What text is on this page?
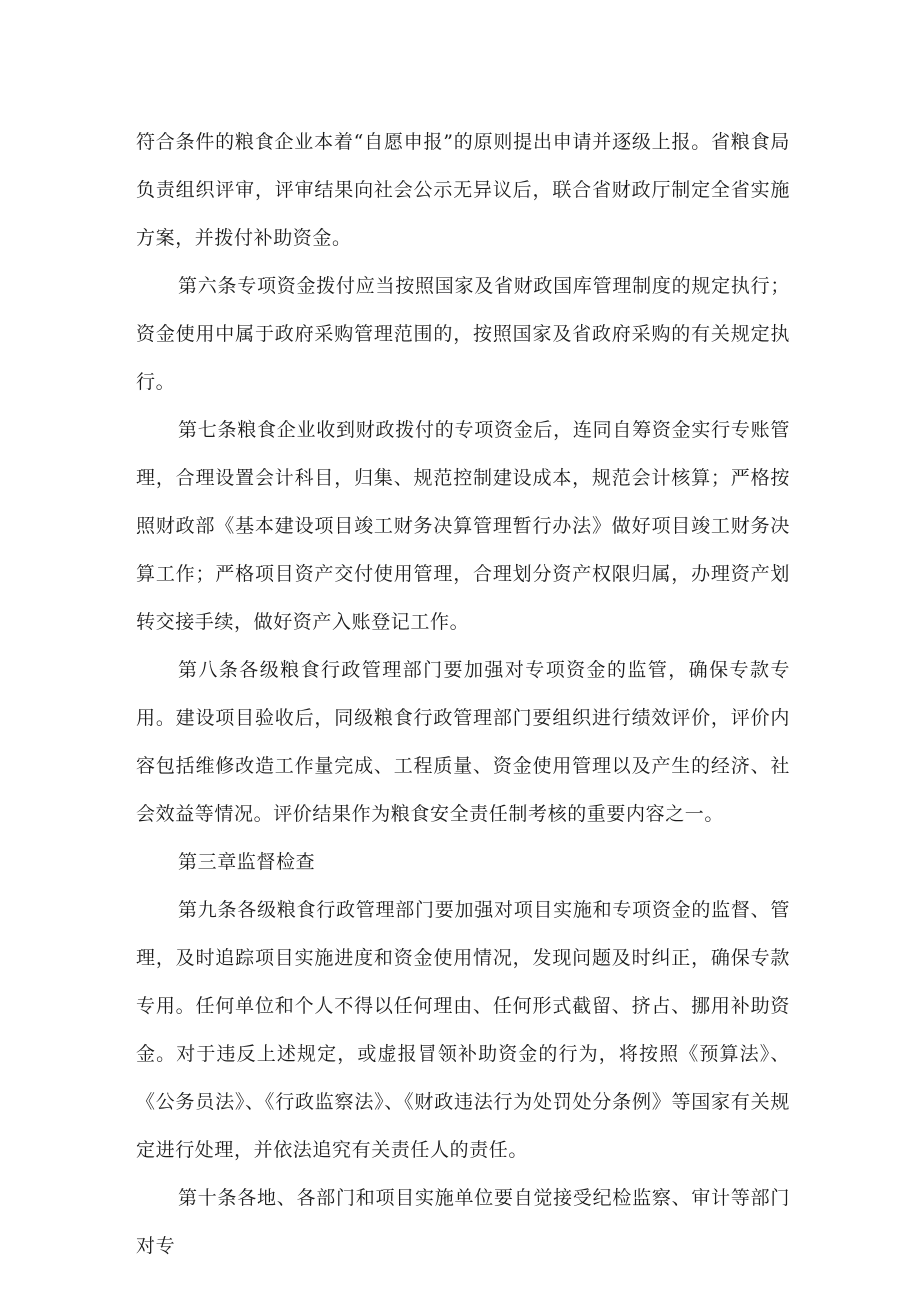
符合条件的粮食企业本着“自愿申报”的原则提出申请并逐级上报。省粮食局负责组织评审，评审结果向社会公示无异议后，联合省财政厅制定全省实施方案，并拨付补助资金。

第六条专项资金拨付应当按照国家及省财政国库管理制度的规定执行；资金使用中属于政府采购管理范围的，按照国家及省政府采购的有关规定执行。

第七条粮食企业收到财政拨付的专项资金后，连同自筹资金实行专账管理，合理设置会计科目，归集、规范控制建设成本，规范会计核算；严格按照财政部《基本建设项目竣工财务决算管理暂行办法》做好项目竣工财务决算工作；严格项目资产交付使用管理，合理划分资产权限归属，办理资产划转交接手续，做好资产入账登记工作。

第八条各级粮食行政管理部门要加强对专项资金的监管，确保专款专用。建设项目验收后，同级粮食行政管理部门要组织进行绩效评价，评价内容包括维修改造工作量完成、工程质量、资金使用管理以及产生的经济、社会效益等情况。评价结果作为粮食安全责任制考核的重要内容之一。

第三章监督检查

第九条各级粮食行政管理部门要加强对项目实施和专项资金的监督、管理，及时追踪项目实施进度和资金使用情况，发现问题及时纠正，确保专款专用。任何单位和个人不得以任何理由、任何形式截留、挤占、挪用补助资金。对于违反上述规定，或虚报冒领补助资金的行为，将按照《预算法》、《公务员法》、《行政监察法》、《财政违法行为处罚处分条例》等国家有关规定进行处理，并依法追究有关责任人的责任。

第十条各地、各部门和项目实施单位要自觉接受纪检监察、审计等部门对专
